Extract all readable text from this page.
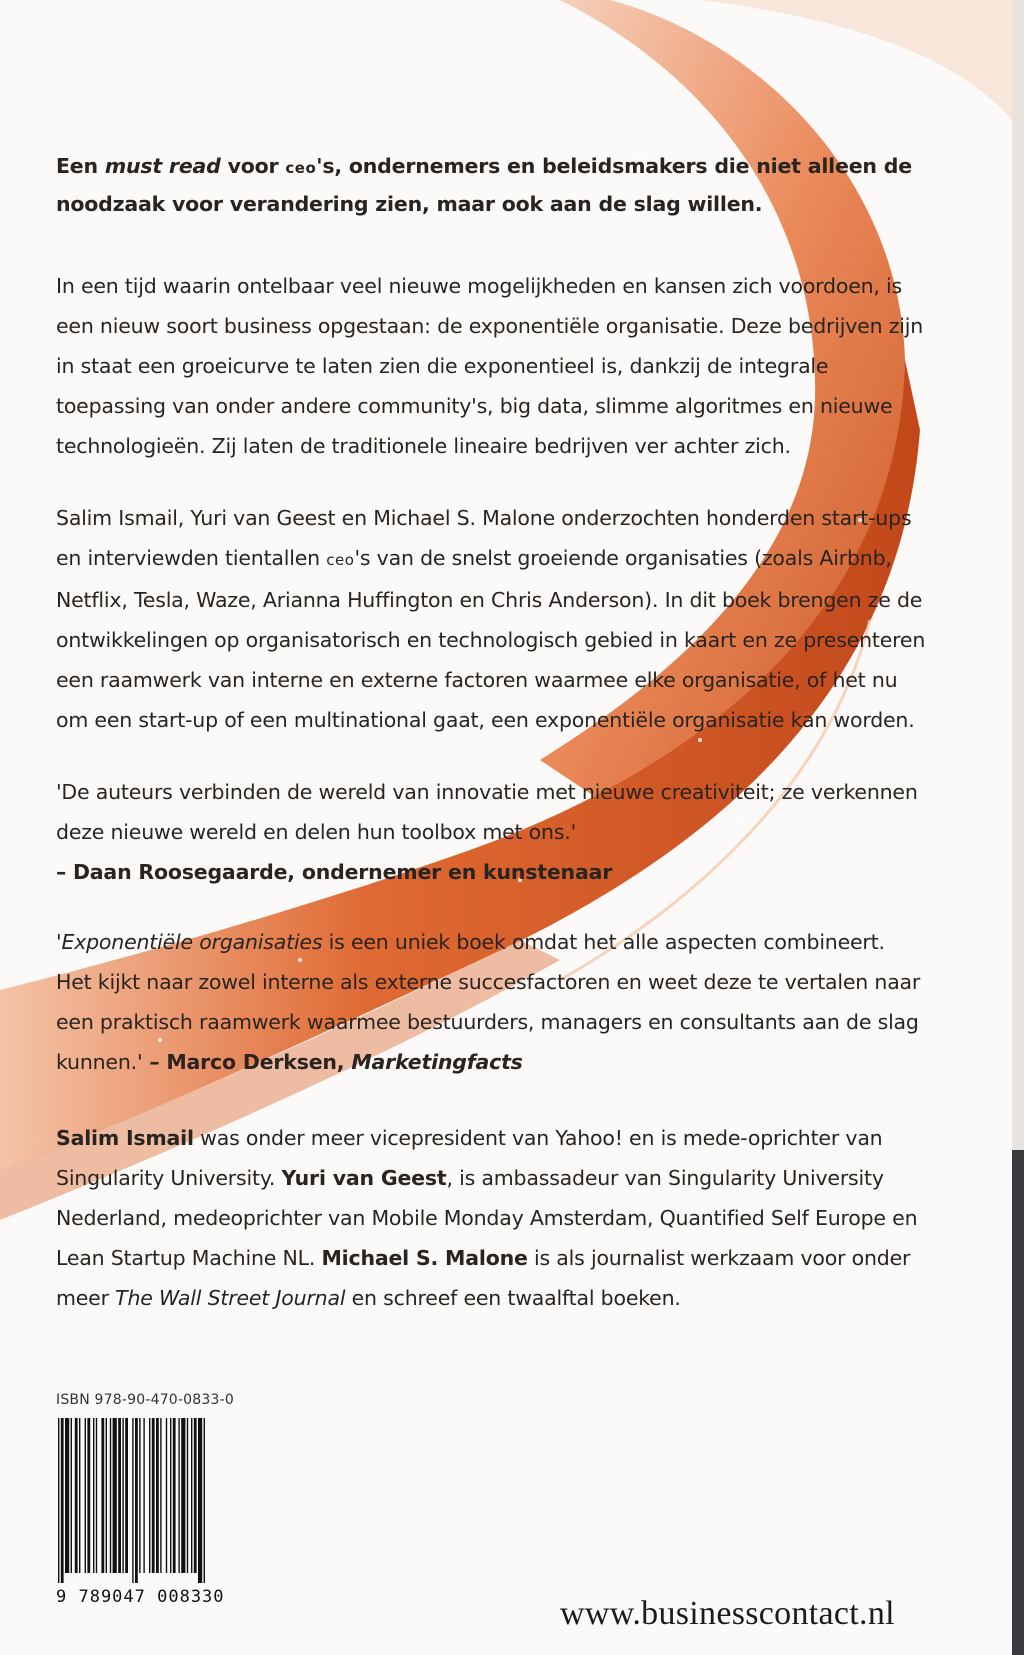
Een must read voor ceo's, ondernemers en beleidsmakers die niet alleen de noodzaak voor verandering zien, maar ook aan de slag willen.

In een tijd waarin ontelbaar veel nieuwe mogelijkheden en kansen zich voordoen, is een nieuw soort business opgestaan: de exponentiële organisatie. Deze bedrijven zijn in staat een groeicurve te laten zien die exponentieel is, dankzij de integrale toepassing van onder andere community's, big data, slimme algoritmes en nieuwe technologieën. Zij laten de traditionele lineaire bedrijven ver achter zich.

Salim Ismail, Yuri van Geest en Michael S. Malone onderzochten honderden start-ups en interviewden tientallen ceo's van de snelst groeiende organisaties (zoals Airbnb, Netflix, Tesla, Waze, Arianna Huffington en Chris Anderson). In dit boek brengen ze de ontwikkelingen op organisatorisch en technologisch gebied in kaart en ze presenteren een raamwerk van interne en externe factoren waarmee elke organisatie, of het nu om een start-up of een multinational gaat, een exponentiële organisatie kan worden.

'De auteurs verbinden de wereld van innovatie met nieuwe creativiteit; ze verkennen deze nieuwe wereld en delen hun toolbox met ons.'
– Daan Roosegaarde, ondernemer en kunstenaar

'Exponentiële organisaties is een uniek boek omdat het alle aspecten combineert. Het kijkt naar zowel interne als externe succesfactoren en weet deze te vertalen naar een praktisch raamwerk waarmee bestuurders, managers en consultants aan de slag kunnen.' – Marco Derksen, Marketingfacts

Salim Ismail was onder meer vicepresident van Yahoo! en is mede-oprichter van Singularity University. Yuri van Geest, is ambassadeur van Singularity University Nederland, medeoprichter van Mobile Monday Amsterdam, Quantified Self Europe en Lean Startup Machine NL. Michael S. Malone is als journalist werkzaam voor onder meer The Wall Street Journal en schreef een twaalftal boeken.

ISBN 978-90-470-0833-0
9 789047 008330	www.businesscontact.nl
